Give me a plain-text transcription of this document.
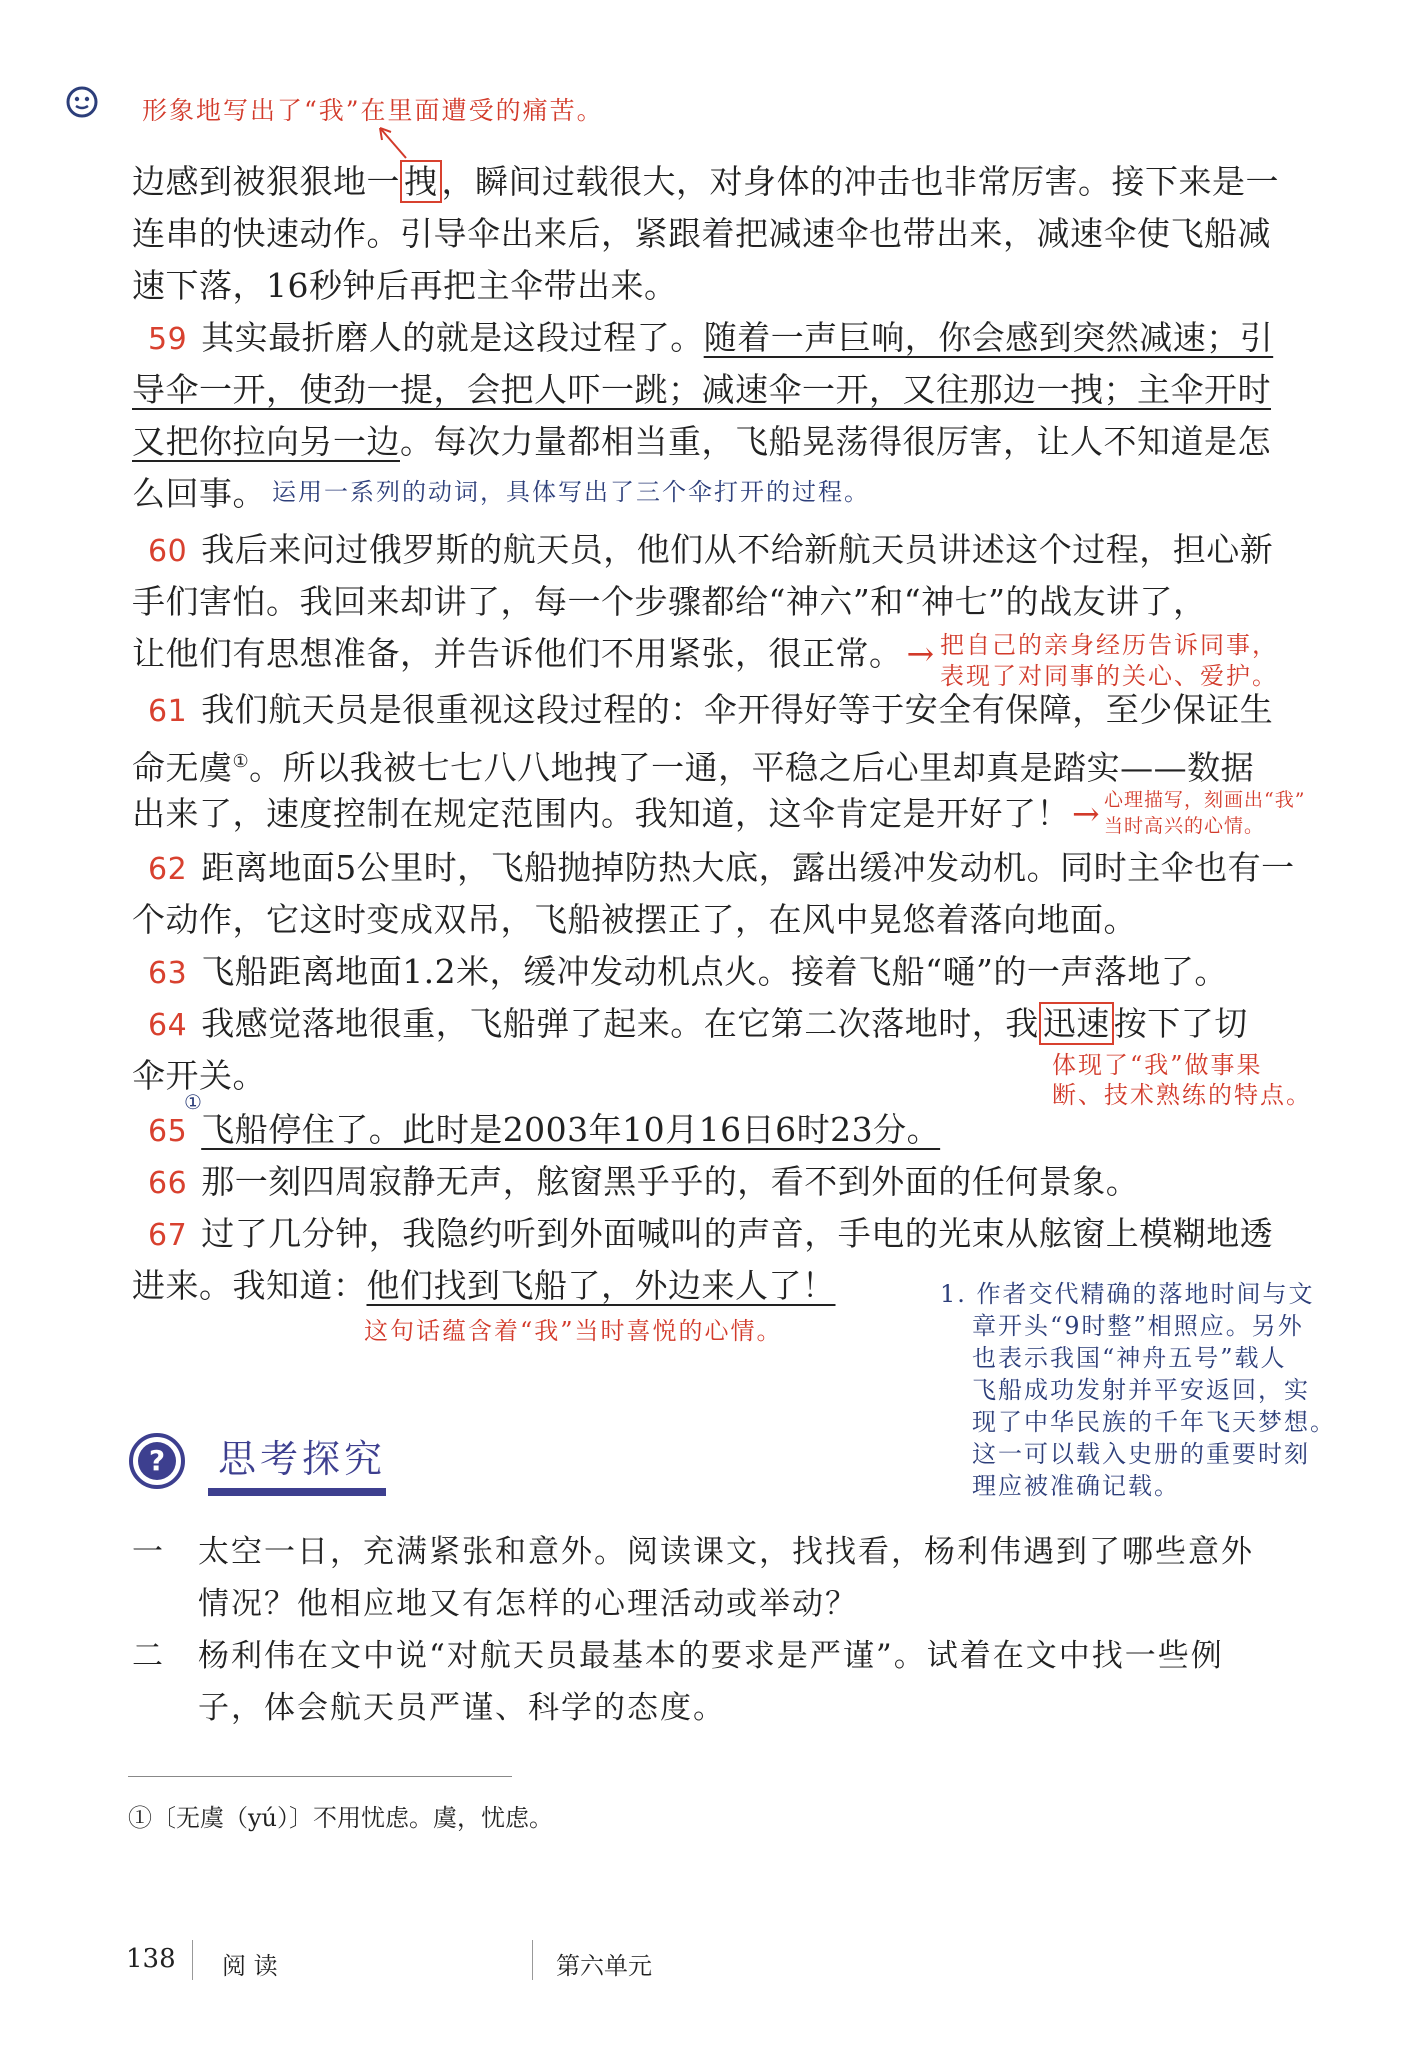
形象地写出了“我”在里面遭受的痛苦。
边感到被狠狠地一 拽 ，瞬间过载很大，对身体的冲击也非常厉害。接下来是一
连串的快速动作。引导伞出来后，紧跟着把减速伞也带出来，减速伞使飞船减
速下落，16秒钟后再把主伞带出来。
59 其实最折磨人的就是这段过程了。随着一声巨响，你会感到突然减速；引
导伞一开，使劲一提，会把人吓一跳；减速伞一开，又往那边一拽；主伞开时
又把你拉向另一边。每次力量都相当重，飞船晃荡得很厉害，让人不知道是怎
么回事。 运用一系列的动词，具体写出了三个伞打开的过程。
60 我后来问过俄罗斯的航天员，他们从不给新航天员讲述这个过程，担心新
手们害怕。我回来却讲了，每一个步骤都给“神六”和“神七”的战友讲了，
让他们有思想准备，并告诉他们不用紧张，很正常。 → 把自己的亲身经历告诉同事，
表现了对同事的关心、爱护。
61 我们航天员是很重视这段过程的：伞开得好等于安全有保障，至少保证生
命无虞①。所以我被七七八八地拽了一通，平稳之后心里却真是踏实——数据
出来了，速度控制在规定范围内。我知道，这伞肯定是开好了！→ 心理描写，刻画出“我”
当时高兴的心情。
62 距离地面5公里时，飞船抛掉防热大底，露出缓冲发动机。同时主伞也有一
个动作，它这时变成双吊，飞船被摆正了，在风中晃悠着落向地面。
63 飞船距离地面1.2米，缓冲发动机点火。接着飞船“嗵”的一声落地了。
64 我感觉落地很重，飞船弹了起来。在它第二次落地时，我 迅速 按下了切
伞开关。	体现了“我”做事果
断、技术熟练的特点。
①
65 飞船停住了。此时是2003年10月16日6时23分。
66 那一刻四周寂静无声，舷窗黑乎乎的，看不到外面的任何景象。
67 过了几分钟，我隐约听到外面喊叫的声音，手电的光束从舷窗上模糊地透
进来。我知道：他们找到飞船了，外边来人了！
这句话蕴含着“我”当时喜悦的心情。
1. 作者交代精确的落地时间与文
章开头“9时整”相照应。另外
也表示我国“神舟五号”载人
飞船成功发射并平安返回，实
现了中华民族的千年飞天梦想。
这一可以载入史册的重要时刻
理应被准确记载。
? 思考探究
一 太空一日，充满紧张和意外。阅读课文，找找看，杨利伟遇到了哪些意外
情况？他相应地又有怎样的心理活动或举动？
二 杨利伟在文中说“对航天员最基本的要求是严谨”。试着在文中找一些例
子，体会航天员严谨、科学的态度。
①〔无虞（yú）〕不用忧虑。虞，忧虑。
138 阅 读	第六单元
